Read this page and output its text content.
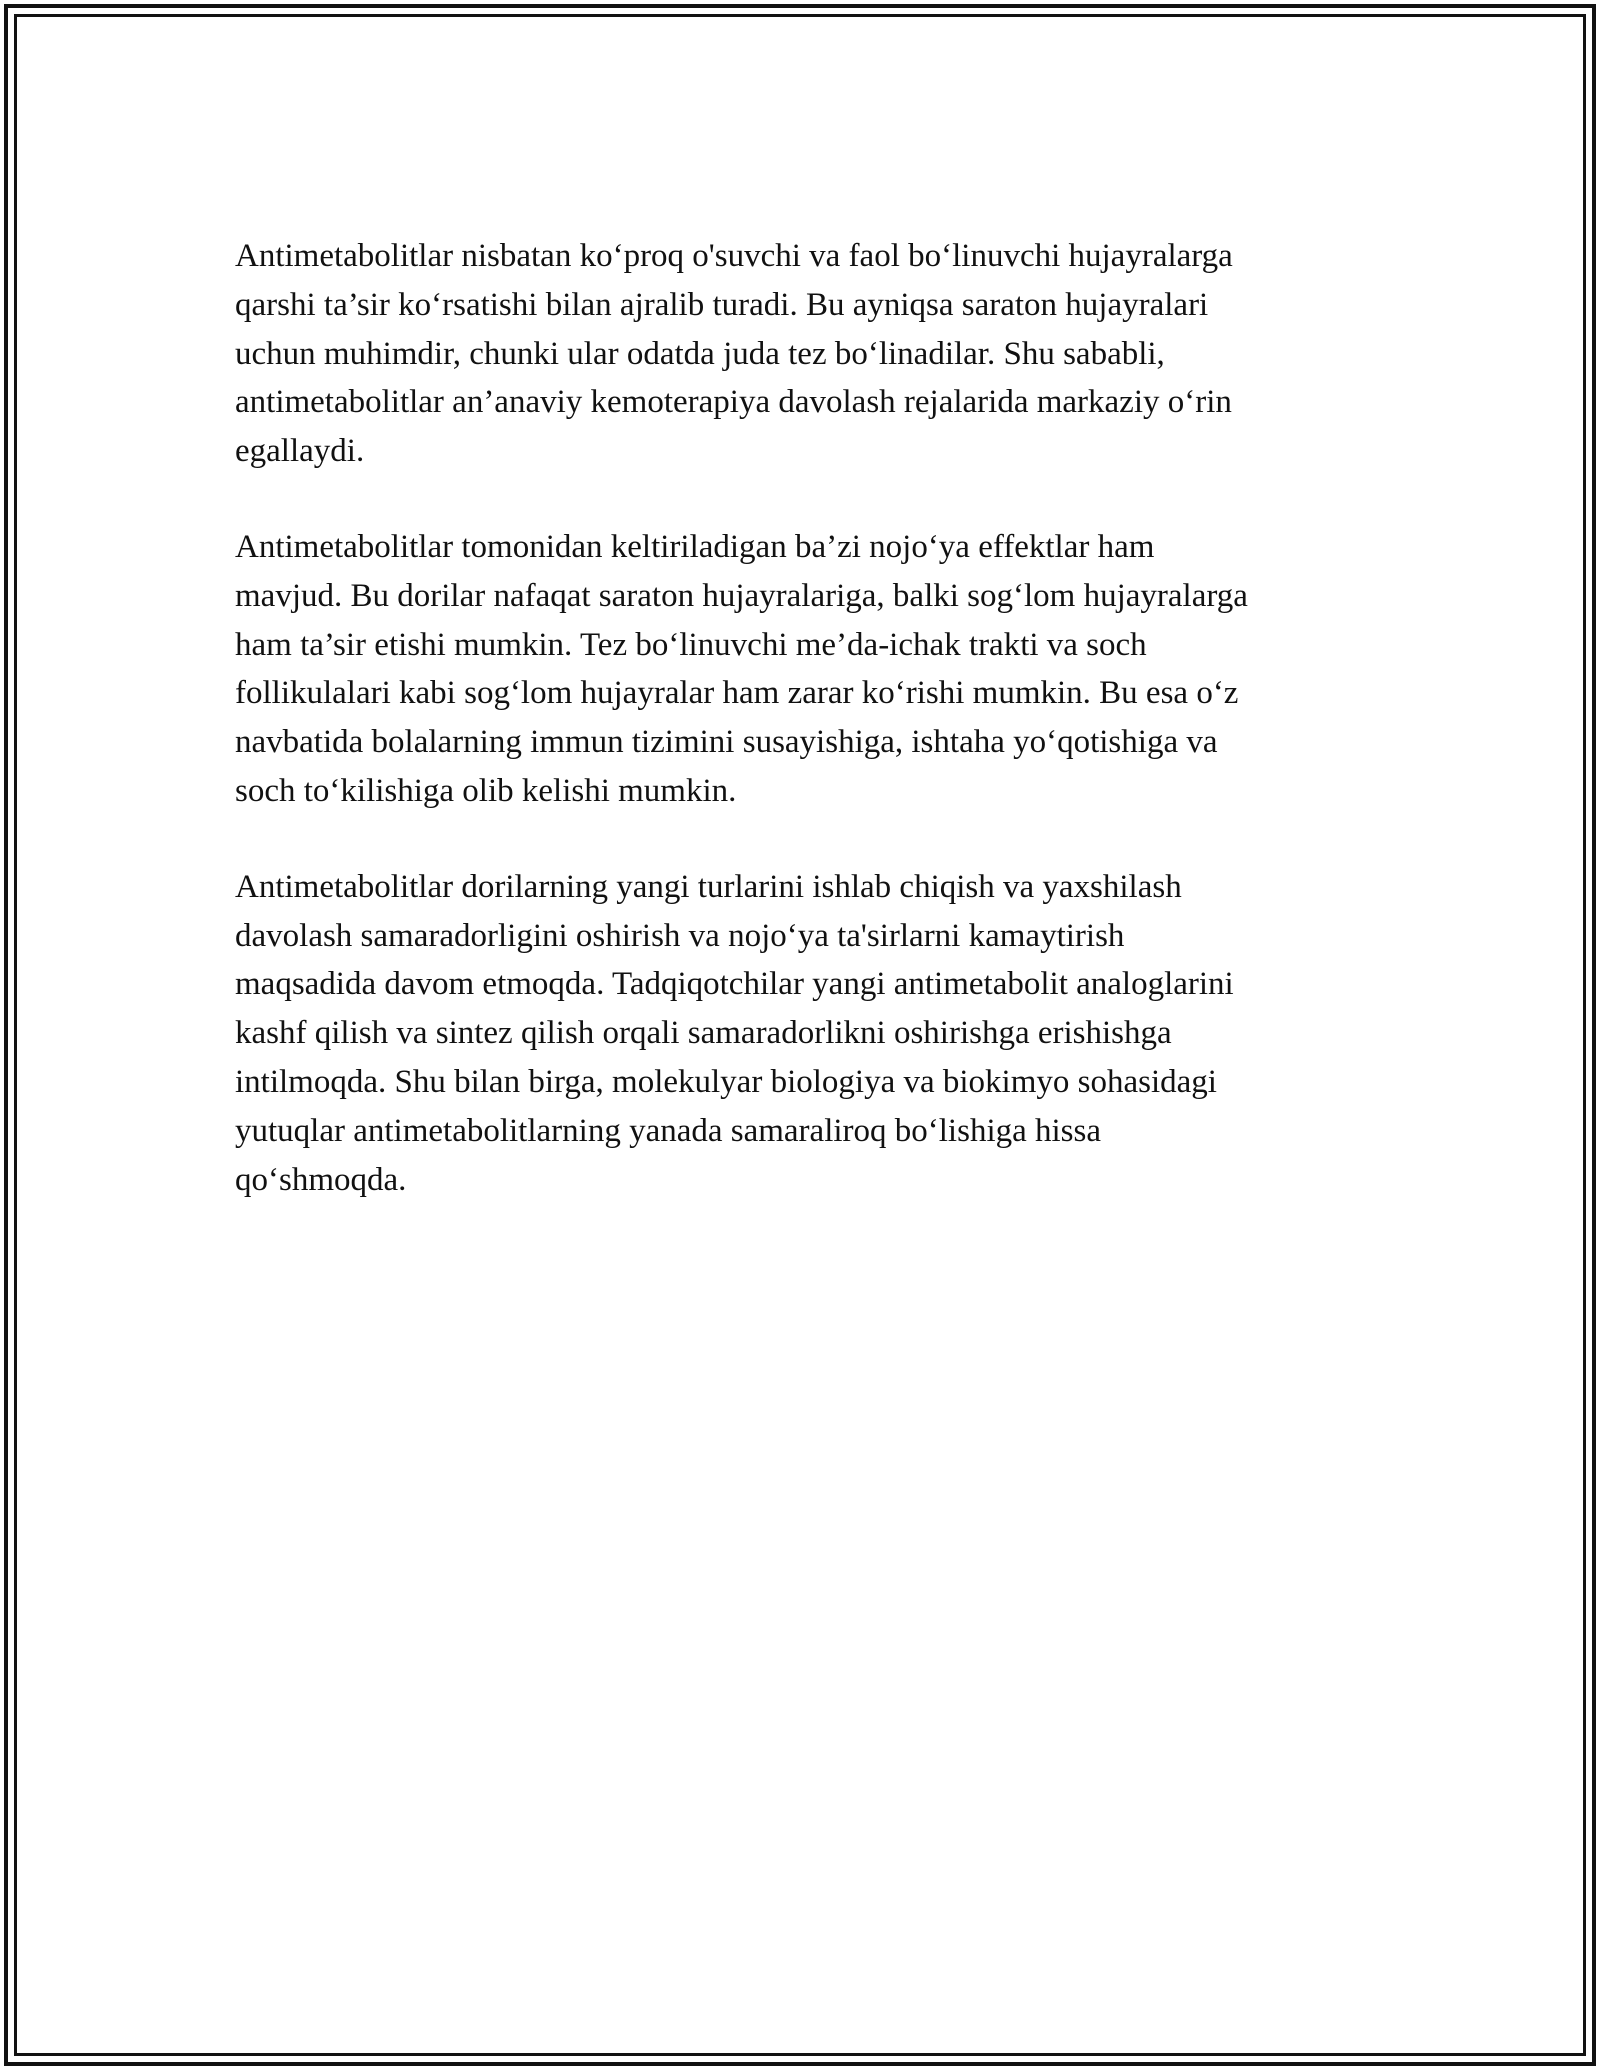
Antimetabolitlar nisbatan ko‘proq o'suvchi va faol bo‘linuvchi hujayralarga
qarshi ta’sir ko‘rsatishi bilan ajralib turadi. Bu ayniqsa saraton hujayralari
uchun muhimdir, chunki ular odatda juda tez bo‘linadilar. Shu sababli,
antimetabolitlar an’anaviy kemoterapiya davolash rejalarida markaziy o‘rin
egallaydi.

Antimetabolitlar tomonidan keltiriladigan ba’zi nojo‘ya effektlar ham
mavjud. Bu dorilar nafaqat saraton hujayralariga, balki sog‘lom hujayralarga
ham ta’sir etishi mumkin. Tez bo‘linuvchi me’da-ichak trakti va soch
follikulalari kabi sog‘lom hujayralar ham zarar ko‘rishi mumkin. Bu esa o‘z
navbatida bolalarning immun tizimini susayishiga, ishtaha yo‘qotishiga va
soch to‘kilishiga olib kelishi mumkin.

Antimetabolitlar dorilarning yangi turlarini ishlab chiqish va yaxshilash
davolash samaradorligini oshirish va nojo‘ya ta'sirlarni kamaytirish
maqsadida davom etmoqda. Tadqiqotchilar yangi antimetabolit analoglarini
kashf qilish va sintez qilish orqali samaradorlikni oshirishga erishishga
intilmoqda. Shu bilan birga, molekulyar biologiya va biokimyo sohasidagi
yutuqlar antimetabolitlarning yanada samaraliroq bo‘lishiga hissa
qo‘shmoqda.
